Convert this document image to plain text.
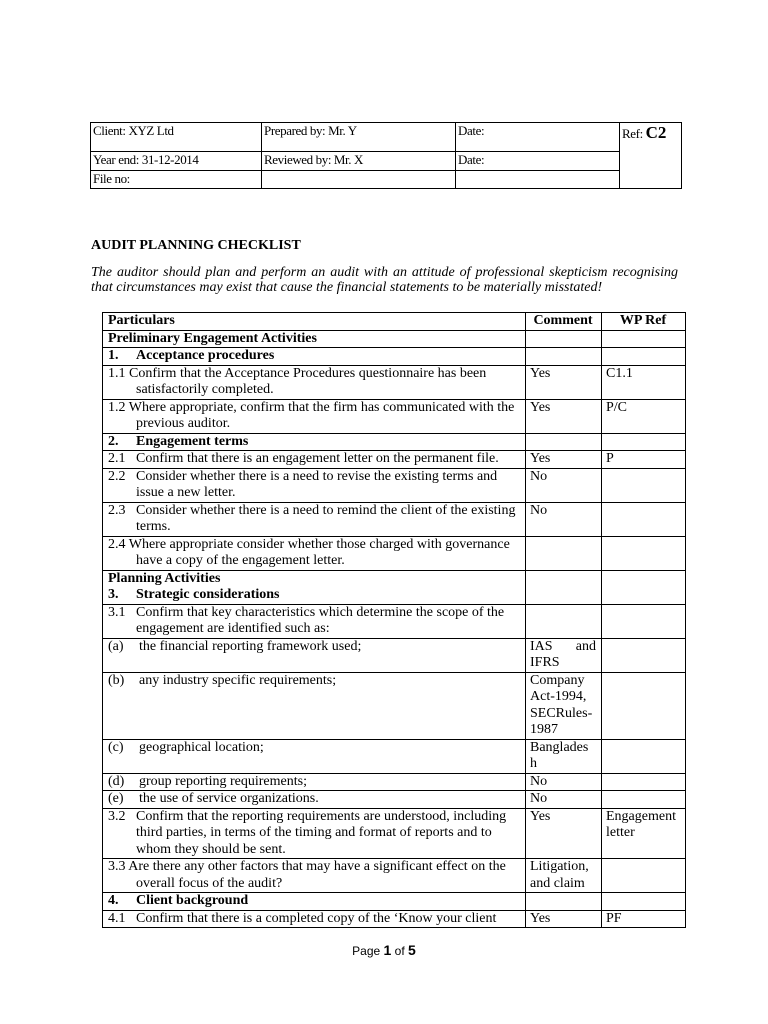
Client: XYZ Ltd	Prepared by: Mr. Y	Date:	Ref: C2
Year end: 31-12-2014	Reviewed by: Mr. X	Date:	
File no:			
AUDIT PLANNING CHECKLIST

The auditor should plan and perform an audit with an attitude of professional skepticism recognising that circumstances may exist that cause the financial statements to be materially misstated!

Particulars	Comment	WP Ref
Preliminary Engagement Activities		
1. Acceptance procedures		
1.1 Confirm that the Acceptance Procedures questionnaire has been
satisfactorily completed.	Yes	C1.1
1.2 Where appropriate, confirm that the firm has communicated with the
previous auditor.	Yes	P/C
2. Engagement terms		
2.1 Confirm that there is an engagement letter on the permanent file.	Yes	P
2.2 Consider whether there is a need to revise the existing terms and
issue a new letter.	No	
2.3 Consider whether there is a need to remind the client of the existing
terms.	No	
2.4 Where appropriate consider whether those charged with governance
have a copy of the engagement letter.		

Planning Activities
3. Strategic considerations		
3.1 Confirm that key characteristics which determine the scope of the
engagement are identified such as:		

(a) the financial reporting framework used;	IAS and
IFRS	
(b) any industry specific requirements;	Company
Act-1994,
SECRules-
1987	
(c) geographical location;	Banglades
h	
(d) group reporting requirements;	No	
(e) the use of service organizations.	No	
3.2 Confirm that the reporting requirements are understood, including
third parties, in terms of the timing and format of reports and to
whom they should be sent.	Yes	Engagement
letter
3.3 Are there any other factors that may have a significant effect on the
overall focus of the audit?	Litigation,
and claim	
4. Client background		
4.1 Confirm that there is a completed copy of the ‘Know your client	Yes	PF
Page 1 of 5
